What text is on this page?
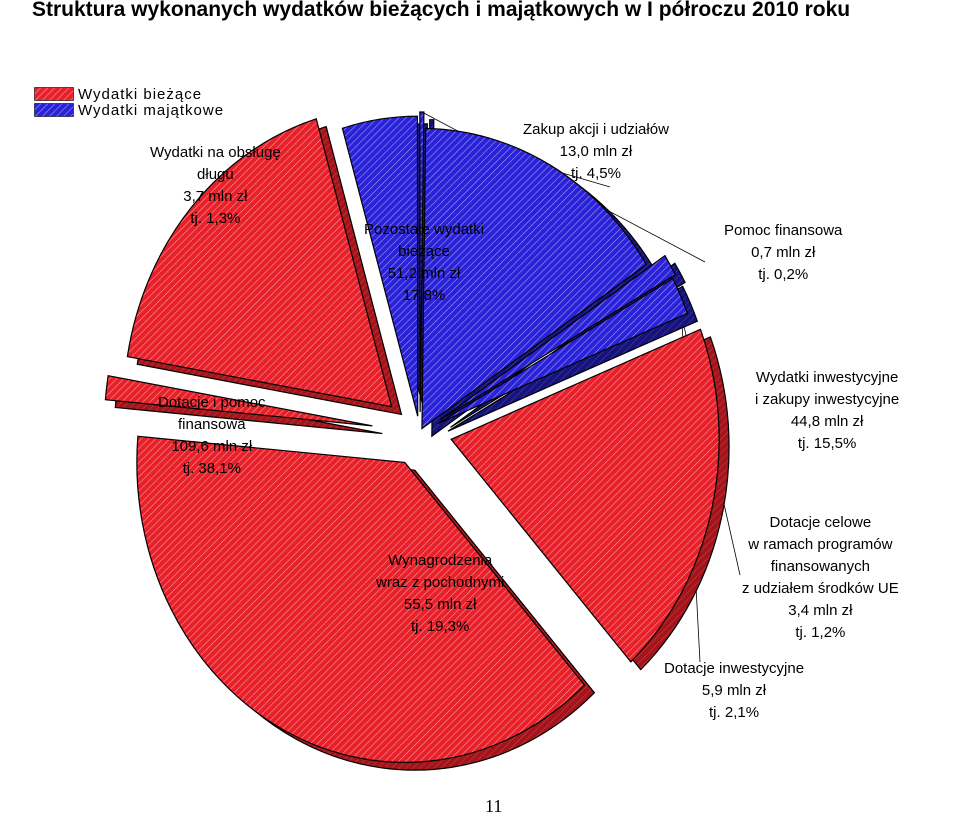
Struktura wykonanych wydatków bieżących i majątkowych w I półroczu 2010 roku
Wydatki bieżące
Wydatki majątkowe
Wydatki na obsługę
długu
3,7 mln zł
tj. 1,3%
Pozostałe wydatki
bieżące
51,2 mln zł
17,8%
Zakup akcji i udziałów
13,0 mln zł
tj. 4,5%
Pomoc finansowa
0,7 mln zł
tj. 0,2%
Wydatki inwestycyjne
i zakupy inwestycyjne
44,8 mln zł
tj. 15,5%
Dotacje celowe
w ramach programów
finansowanych
z udziałem środków UE
3,4 mln zł
tj. 1,2%
Dotacje inwestycyjne
5,9 mln zł
tj. 2,1%
Wynagrodzenia
wraz z pochodnymi
55,5 mln zł
tj. 19,3%
Dotacje i pomoc
finansowa
109,6 mln zł
tj. 38,1%
11
